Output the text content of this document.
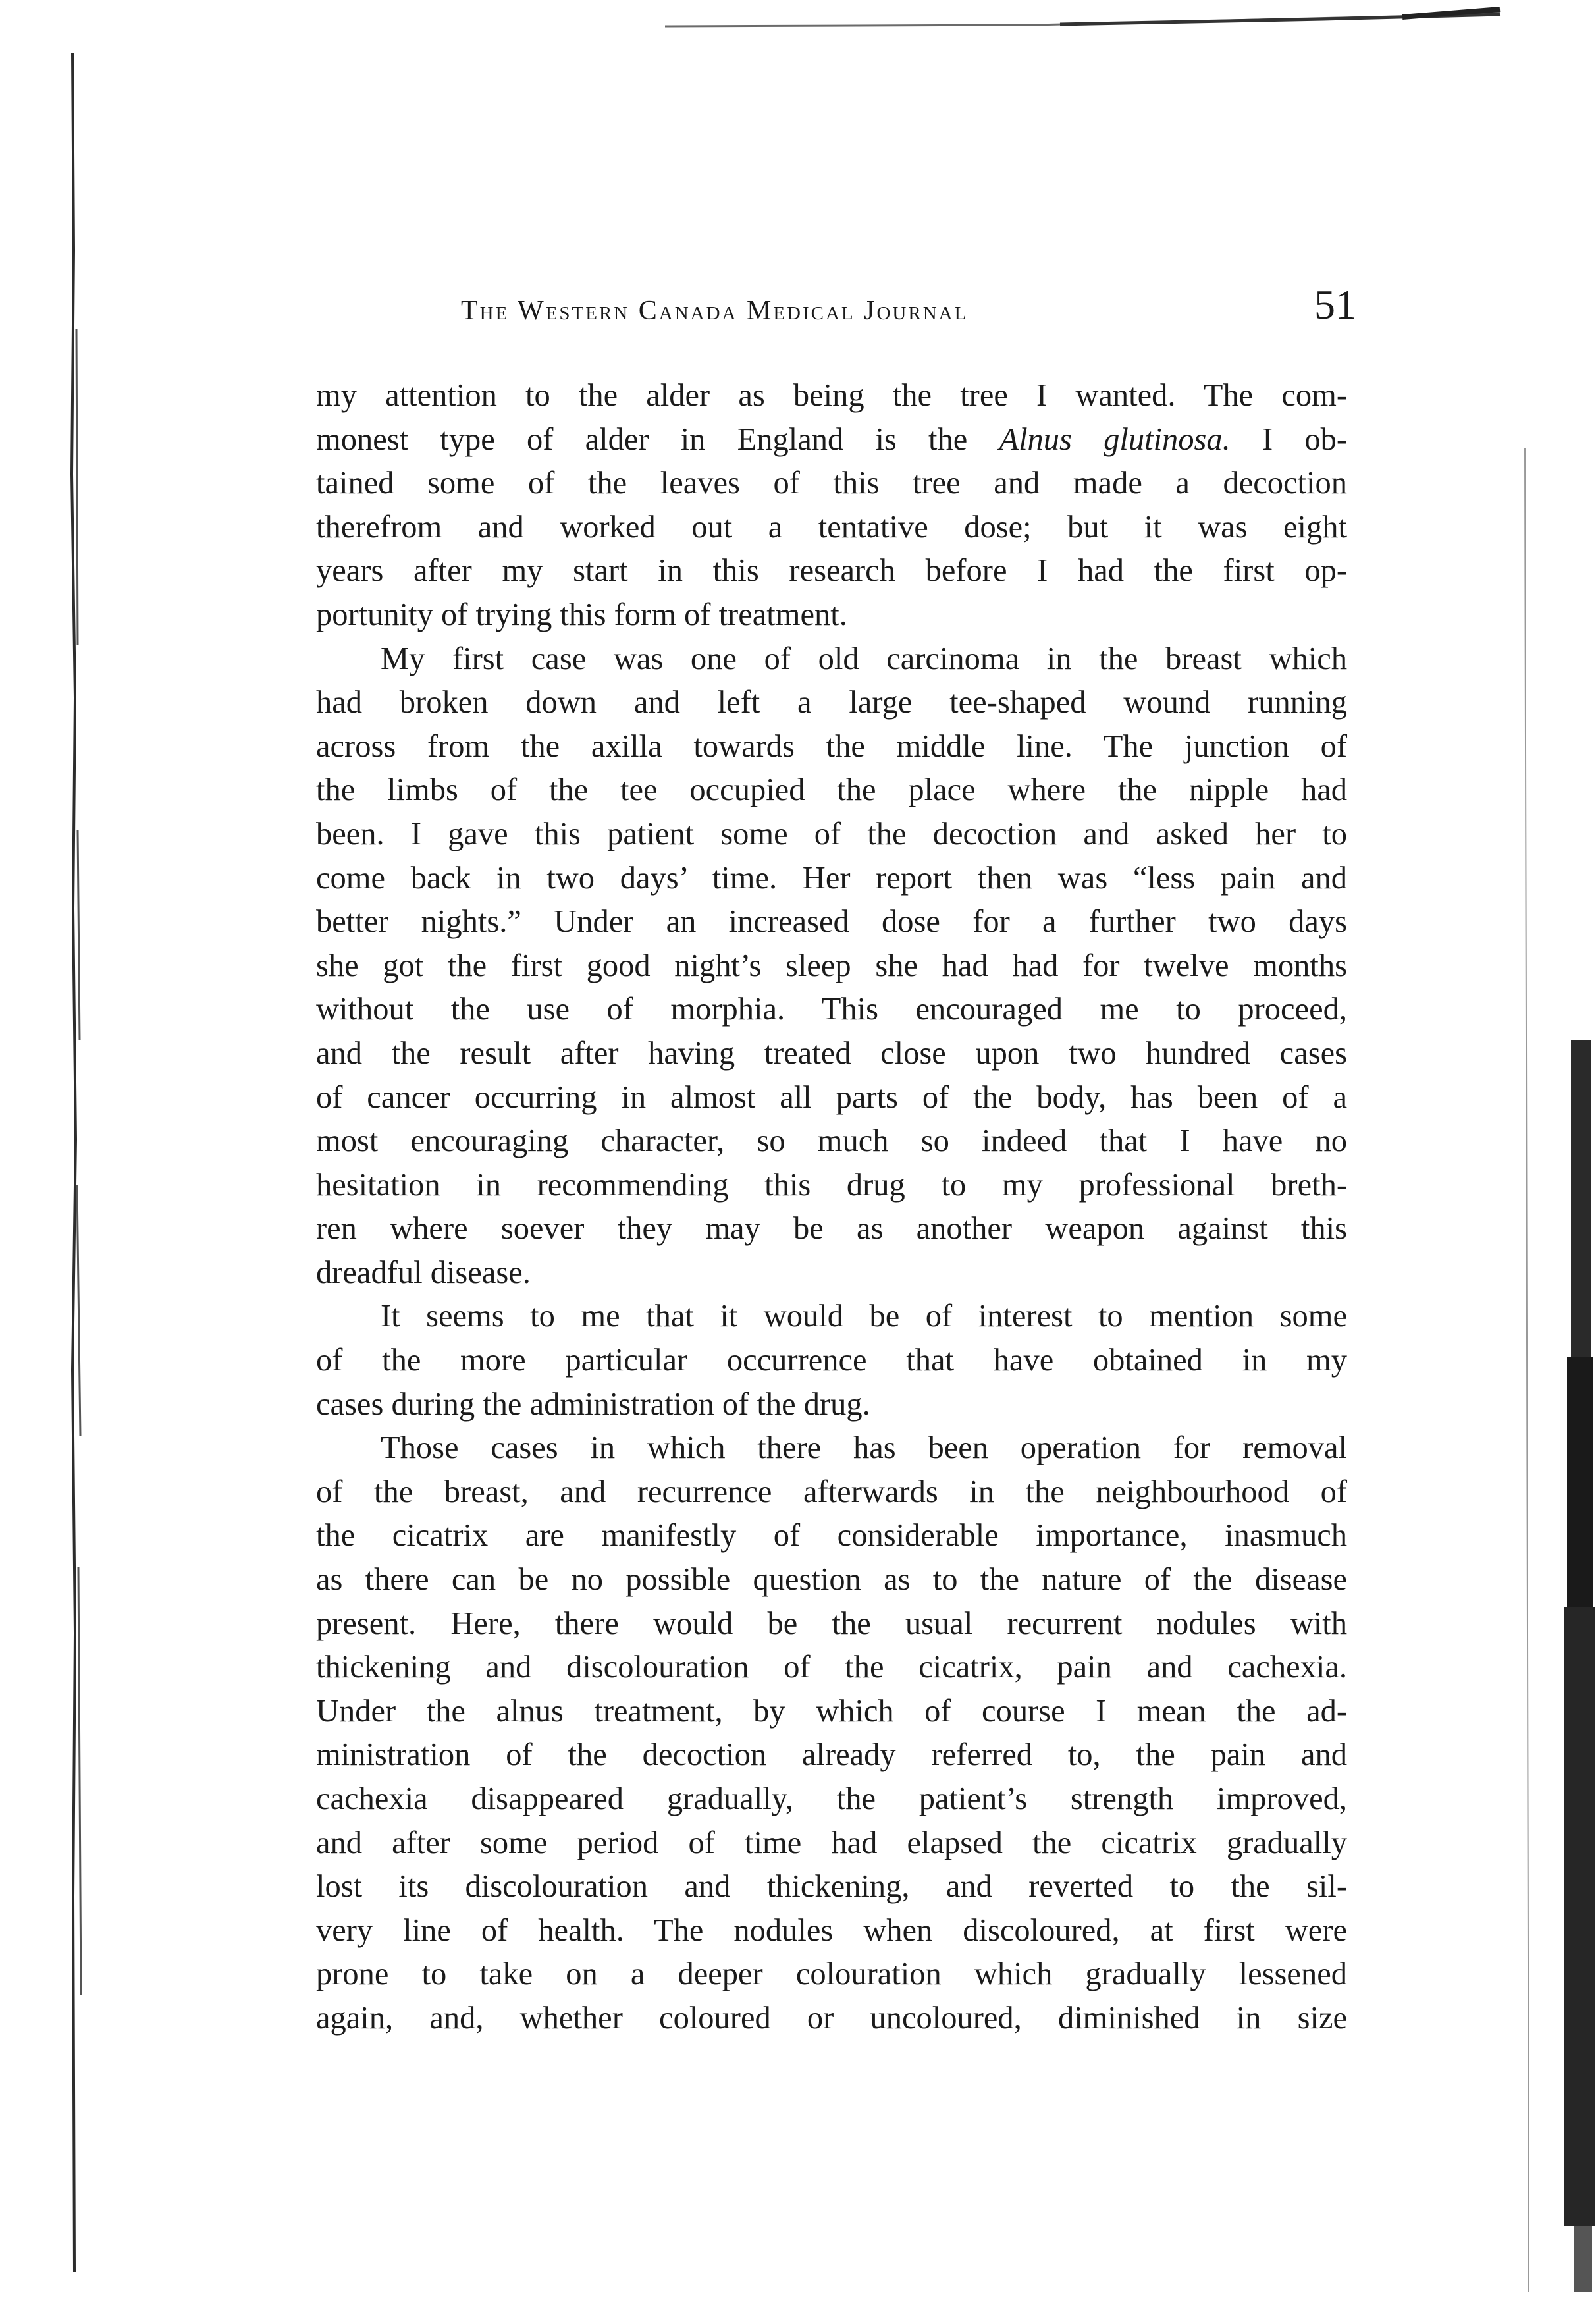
The Western Canada Medical Journal	51
my attention to the alder as being the tree I wanted. The com-
monest type of alder in England is the Alnus glutinosa. I ob-
tained some of the leaves of this tree and made a decoction
therefrom and worked out a tentative dose; but it was eight
years after my start in this research before I had the first op-
portunity of trying this form of treatment.
My first case was one of old carcinoma in the breast which
had broken down and left a large tee-shaped wound running
across from the axilla towards the middle line. The junction of
the limbs of the tee occupied the place where the nipple had
been. I gave this patient some of the decoction and asked her to
come back in two days’ time. Her report then was “less pain and
better nights.” Under an increased dose for a further two days
she got the first good night’s sleep she had had for twelve months
without the use of morphia. This encouraged me to proceed,
and the result after having treated close upon two hundred cases
of cancer occurring in almost all parts of the body, has been of a
most encouraging character, so much so indeed that I have no
hesitation in recommending this drug to my professional breth-
ren where soever they may be as another weapon against this
dreadful disease.
It seems to me that it would be of interest to mention some
of the more particular occurrence that have obtained in my
cases during the administration of the drug.
Those cases in which there has been operation for removal
of the breast, and recurrence afterwards in the neighbourhood of
the cicatrix are manifestly of considerable importance, inasmuch
as there can be no possible question as to the nature of the disease
present. Here, there would be the usual recurrent nodules with
thickening and discolouration of the cicatrix, pain and cachexia.
Under the alnus treatment, by which of course I mean the ad-
ministration of the decoction already referred to, the pain and
cachexia disappeared gradually, the patient’s strength improved,
and after some period of time had elapsed the cicatrix gradually
lost its discolouration and thickening, and reverted to the sil-
very line of health. The nodules when discoloured, at first were
prone to take on a deeper colouration which gradually lessened
again, and, whether coloured or uncoloured, diminished in size
